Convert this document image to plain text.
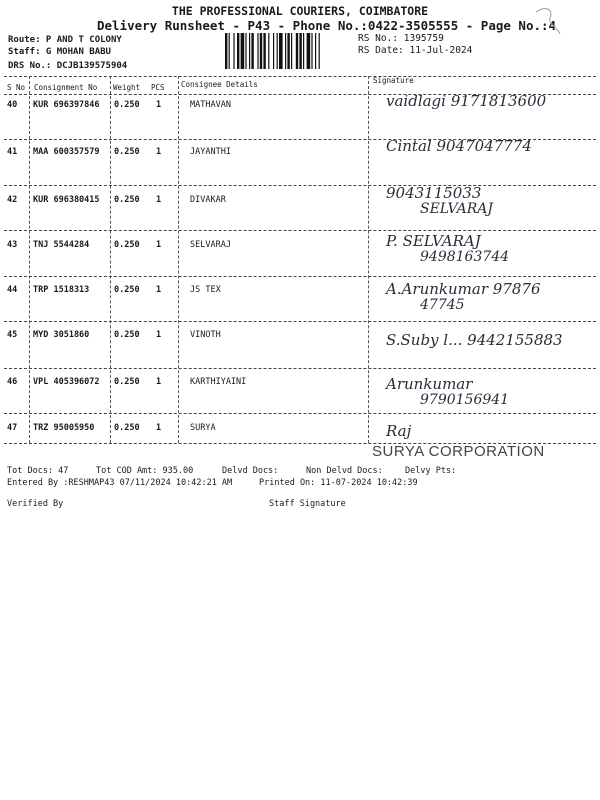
THE PROFESSIONAL COURIERS, COIMBATORE
Delivery Runsheet - P43 - Phone No.:0422-3505555 - Page No.:4
Route: P AND T COLONY
Staff: G MOHAN BABU
DRS No.: DCJB139575904
RS No.: 1395759
RS Date: 11-Jul-2024
S No Consignment No Weight PCS Consignee Details	Signature
40 KUR 696397846 0.250 1	MATHAVAN	vaidlagi 9171813600
41 MAA 600357579 0.250 1	JAYANTHI	Cintal 9047047774
42 KUR 696380415 0.250 1	DIVAKAR	9043115033
SELVARAJ
43 TNJ 5544284	0.250 1	SELVARAJ	P. SELVARAJ
9498163744
44 TRP 1518313	0.250 1	JS TEX	A.Arunkumar 97876
47745
45 MYD 3051860	0.250 1	VINOTH	S.Suby l... 9442155883
46 VPL 405396072 0.250 1	KARTHIYAINI	Arunkumar
9790156941
47 TRZ 95005950 0.250 1	SURYA	Raj
SURYA CORPORATION
Tot Docs: 47	Tot COD Amt: 935.00	Delvd Docs:	Non Delvd Docs:	Delvy Pts:
Entered By :RESHMAP43 07/11/2024 10:42:21 AM	Printed On: 11-07-2024 10:42:39
Verified By	Staff Signature
